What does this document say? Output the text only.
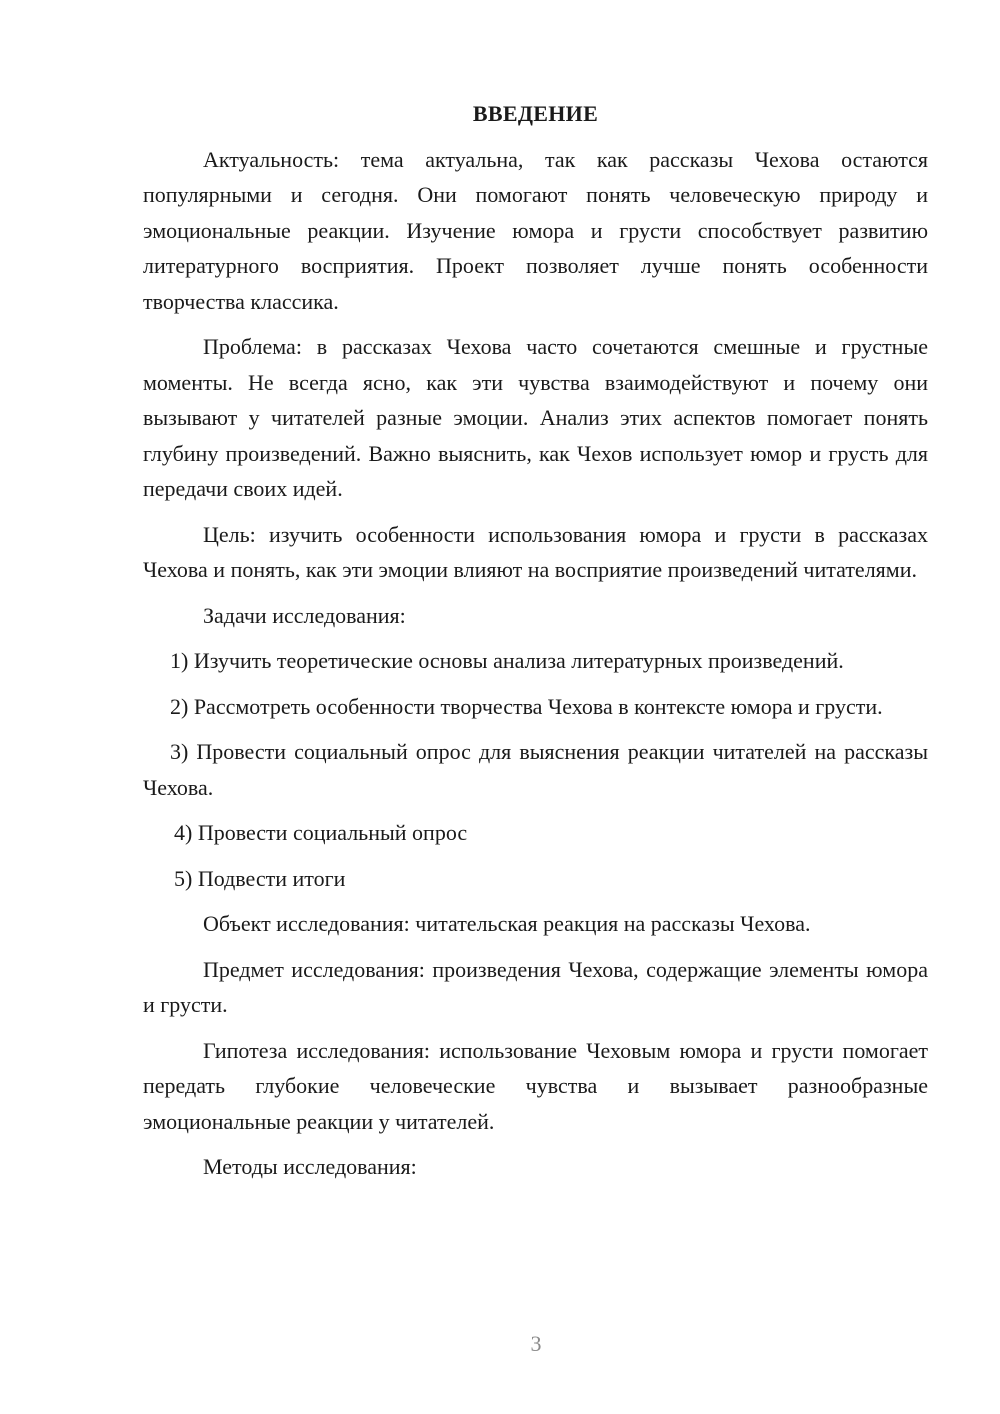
ВВЕДЕНИЕ

Актуальность: тема актуальна, так как рассказы Чехова остаются популярными и сегодня. Они помогают понять человеческую природу и эмоциональные реакции. Изучение юмора и грусти способствует развитию литературного восприятия. Проект позволяет лучше понять особенности творчества классика.

Проблема: в рассказах Чехова часто сочетаются смешные и грустные моменты. Не всегда ясно, как эти чувства взаимодействуют и почему они вызывают у читателей разные эмоции. Анализ этих аспектов помогает понять глубину произведений. Важно выяснить, как Чехов использует юмор и грусть для передачи своих идей.

Цель: изучить особенности использования юмора и грусти в рассказах Чехова и понять, как эти эмоции влияют на восприятие произведений читателями.

Задачи исследования:

1) Изучить теоретические основы анализа литературных произведений.

2) Рассмотреть особенности творчества Чехова в контексте юмора и грусти.

3) Провести социальный опрос для выяснения реакции читателей на рассказы Чехова.

4) Провести социальный опрос

5) Подвести итоги

Объект исследования: читательская реакция на рассказы Чехова.

Предмет исследования: произведения Чехова, содержащие элементы юмора и грусти.

Гипотеза исследования: использование Чеховым юмора и грусти помогает передать глубокие человеческие чувства и вызывает разнообразные эмоциональные реакции у читателей.

Методы исследования:

3
